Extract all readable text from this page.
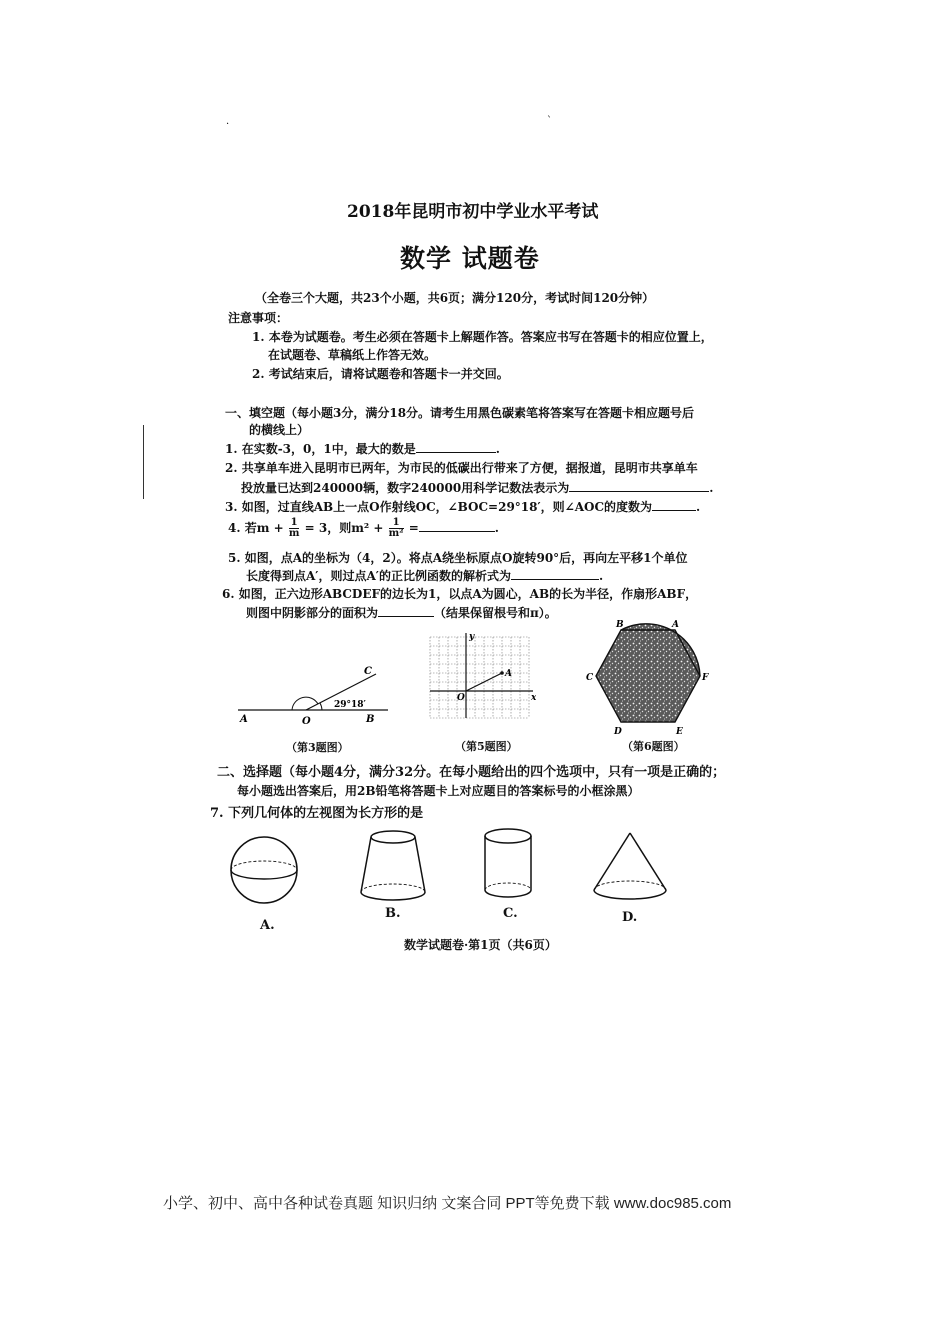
·	`
2018年昆明市初中学业水平考试
数学 试题卷
（全卷三个大题，共23个小题，共6页；满分120分，考试时间120分钟）
注意事项：
1. 本卷为试题卷。考生必须在答题卡上解题作答。答案应书写在答题卡的相应位置上，
在试题卷、草稿纸上作答无效。
2. 考试结束后，请将试题卷和答题卡一并交回。
一、填空题（每小题3分，满分18分。请考生用黑色碳素笔将答案写在答题卡相应题号后
的横线上）
1. 在实数-3，0，1中，最大的数是	.
2. 共享单车进入昆明市已两年，为市民的低碳出行带来了方便，据报道，昆明市共享单车
投放量已达到240000辆，数字240000用科学记数法表示为	.
3. 如图，过直线AB上一点O作射线OC，∠BOC=29°18′，则∠AOC的度数为	.
4. 若$m + \frac{1}{m} = 3$，则$m^2 + \frac{1}{\text{m²}}$ =	.
5. 如图，点A的坐标为（4，2）。将点A绕坐标原点O旋转90°后，再向左平移1个单位
长度得到点A′，则过点A′的正比例函数的解析式为	.
6. 如图，正六边形ABCDEF的边长为1，以点A为圆心，AB的长为半径，作扇形ABF，
则图中阴影部分的面积为	（结果保留根号和π）。
A	O	B
C
29°18′
（第3题图）
y
x
O
A
（第5题图）
B	A
C	F
D	E
（第6题图）
二、选择题（每小题4分，满分32分。在每小题给出的四个选项中，只有一项是正确的；
每小题选出答案后，用2B铅笔将答题卡上对应题目的答案标号的小框涂黑）
7. 下列几何体的左视图为长方形的是
A.
B.	C.	D.
数学试题卷·第1页（共6页）
小学、初中、高中各种试卷真题 知识归纳 文案合同 PPT等免费下载 www.doc985.com
